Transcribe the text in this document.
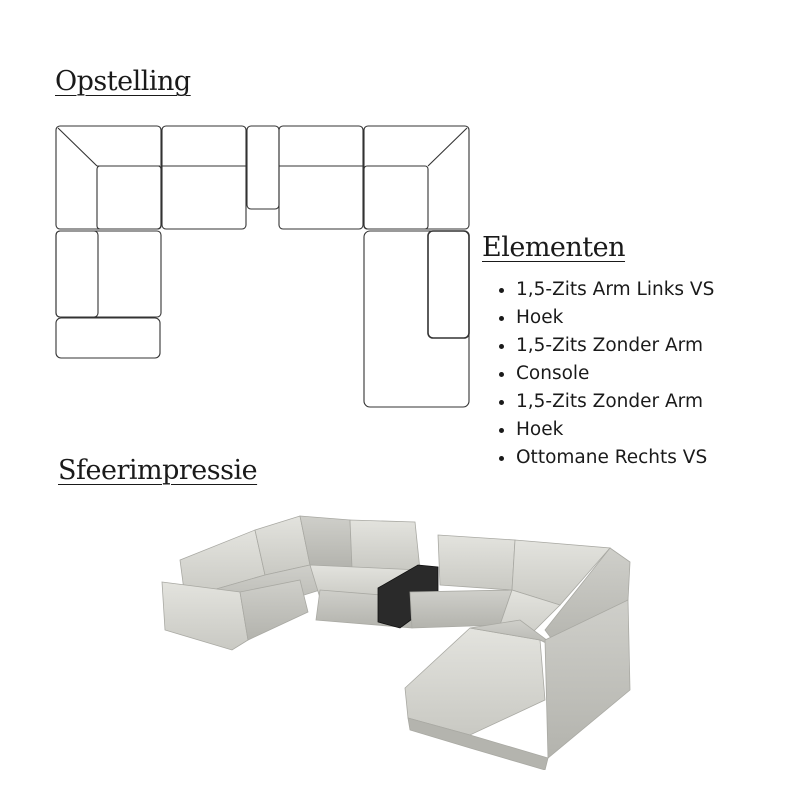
Opstelling
Elementen
• 1,5-Zits Arm Links VS
• Hoek
• 1,5-Zits Zonder Arm
• Console
• 1,5-Zits Zonder Arm
• Hoek
• Ottomane Rechts VS
Sfeerimpressie
